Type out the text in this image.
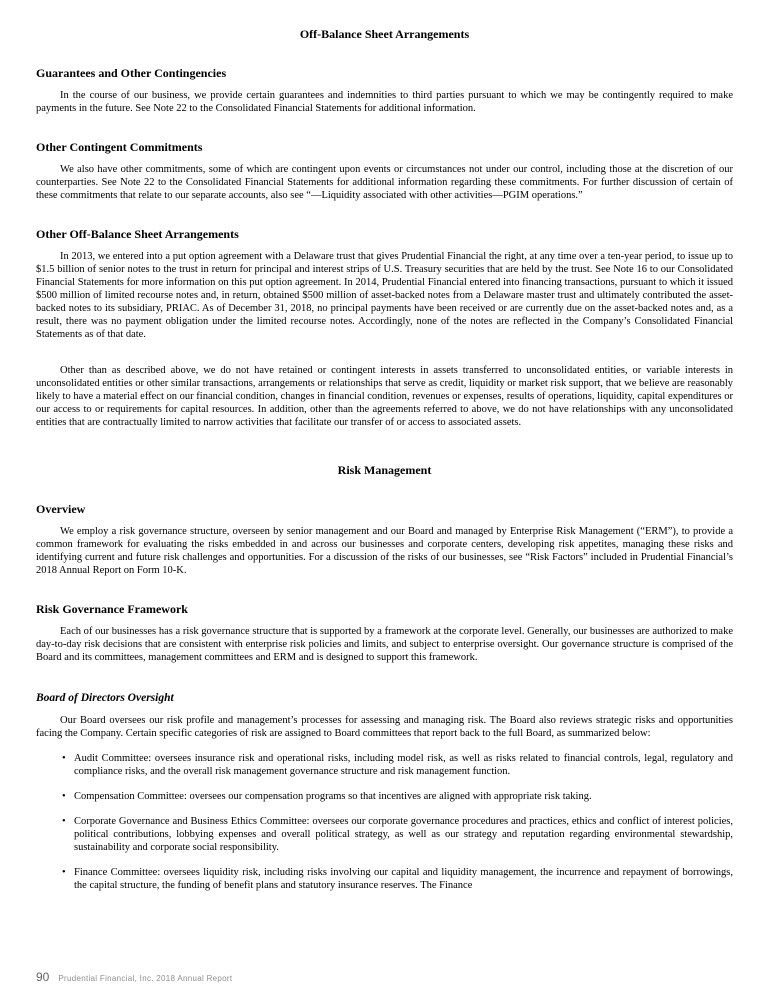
Off-Balance Sheet Arrangements
Guarantees and Other Contingencies

In the course of our business, we provide certain guarantees and indemnities to third parties pursuant to which we may be contingently required to make payments in the future. See Note 22 to the Consolidated Financial Statements for additional information.

Other Contingent Commitments

We also have other commitments, some of which are contingent upon events or circumstances not under our control, including those at the discretion of our counterparties. See Note 22 to the Consolidated Financial Statements for additional information regarding these commitments. For further discussion of certain of these commitments that relate to our separate accounts, also see “—Liquidity associated with other activities—PGIM operations.”

Other Off-Balance Sheet Arrangements

In 2013, we entered into a put option agreement with a Delaware trust that gives Prudential Financial the right, at any time over a ten-year period, to issue up to $1.5 billion of senior notes to the trust in return for principal and interest strips of U.S. Treasury securities that are held by the trust. See Note 16 to our Consolidated Financial Statements for more information on this put option agreement. In 2014, Prudential Financial entered into financing transactions, pursuant to which it issued $500 million of limited recourse notes and, in return, obtained $500 million of asset-backed notes from a Delaware master trust and ultimately contributed the asset-backed notes to its subsidiary, PRIAC. As of December 31, 2018, no principal payments have been received or are currently due on the asset-backed notes and, as a result, there was no payment obligation under the limited recourse notes. Accordingly, none of the notes are reflected in the Company’s Consolidated Financial Statements as of that date.

Other than as described above, we do not have retained or contingent interests in assets transferred to unconsolidated entities, or variable interests in unconsolidated entities or other similar transactions, arrangements or relationships that serve as credit, liquidity or market risk support, that we believe are reasonably likely to have a material effect on our financial condition, changes in financial condition, revenues or expenses, results of operations, liquidity, capital expenditures or our access to or requirements for capital resources. In addition, other than the agreements referred to above, we do not have relationships with any unconsolidated entities that are contractually limited to narrow activities that facilitate our transfer of or access to associated assets.

Risk Management
Overview

We employ a risk governance structure, overseen by senior management and our Board and managed by Enterprise Risk Management (“ERM”), to provide a common framework for evaluating the risks embedded in and across our businesses and corporate centers, developing risk appetites, managing these risks and identifying current and future risk challenges and opportunities. For a discussion of the risks of our businesses, see “Risk Factors” included in Prudential Financial’s 2018 Annual Report on Form 10-K.

Risk Governance Framework

Each of our businesses has a risk governance structure that is supported by a framework at the corporate level. Generally, our businesses are authorized to make day-to-day risk decisions that are consistent with enterprise risk policies and limits, and subject to enterprise oversight. Our governance structure is comprised of the Board and its committees, management committees and ERM and is designed to support this framework.

Board of Directors Oversight

Our Board oversees our risk profile and management’s processes for assessing and managing risk. The Board also reviews strategic risks and opportunities facing the Company. Certain specific categories of risk are assigned to Board committees that report back to the full Board, as summarized below:

• Audit Committee: oversees insurance risk and operational risks, including model risk, as well as risks related to financial controls, legal, regulatory and compliance risks, and the overall risk management governance structure and risk management function.
• Compensation Committee: oversees our compensation programs so that incentives are aligned with appropriate risk taking.
• Corporate Governance and Business Ethics Committee: oversees our corporate governance procedures and practices, ethics and conflict of interest policies, political contributions, lobbying expenses and overall political strategy, as well as our strategy and reputation regarding environmental stewardship, sustainability and corporate social responsibility.
• Finance Committee: oversees liquidity risk, including risks involving our capital and liquidity management, the incurrence and repayment of borrowings, the capital structure, the funding of benefit plans and statutory insurance reserves. The Finance
90 Prudential Financial, Inc. 2018 Annual Report
